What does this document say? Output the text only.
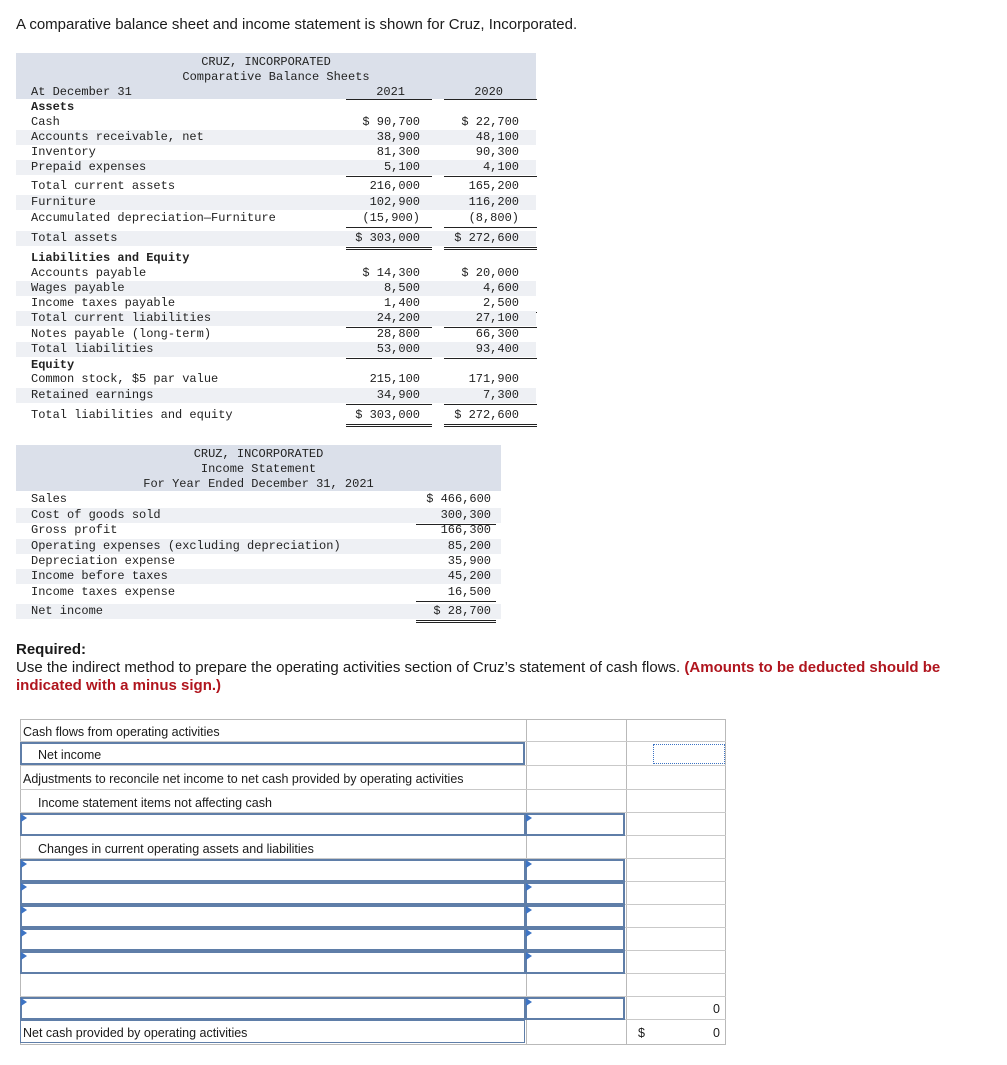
A comparative balance sheet and income statement is shown for Cruz, Incorporated.
CRUZ, INCORPORATED
Comparative Balance Sheets
At December 31	2021	2020
Assets
Cash	$ 90,700	$ 22,700
Accounts receivable, net	38,900	48,100
Inventory	81,300	90,300
Prepaid expenses	5,100	4,100
Total current assets	216,000	165,200
Furniture	102,900	116,200
Accumulated depreciation—Furniture	(15,900)	(8,800)
Total assets	$ 303,000	$ 272,600
Accounts payable	$ 14,300	$ 20,000
Wages payable	8,500	4,600
Income taxes payable	1,400	2,500
Total current liabilities	24,200	27,100
Notes payable (long-term)	28,800	66,300
Total liabilities	53,000	93,400
Common stock, $5 par value	215,100	171,900
Retained earnings	34,900	7,300
Total liabilities and equity	$ 303,000	$ 272,600
Liabilities and Equity
Equity
CRUZ, INCORPORATED
Income Statement
For Year Ended December 31, 2021
Sales	$ 466,600
Cost of goods sold	300,300
Gross profit	166,300
Operating expenses (excluding depreciation)	85,200
Depreciation expense	35,900
Income before taxes	45,200
Income taxes expense	16,500
Net income	$ 28,700
Required:
Use the indirect method to prepare the operating activities section of Cruz’s statement of cash flows. (Amounts to be deducted should be indicated with a minus sign.)
Cash flows from operating activities
Net income
Adjustments to reconcile net income to net cash provided by operating activities
Income statement items not affecting cash
Changes in current operating assets and liabilities
0
Net cash provided by operating activities	$	0
